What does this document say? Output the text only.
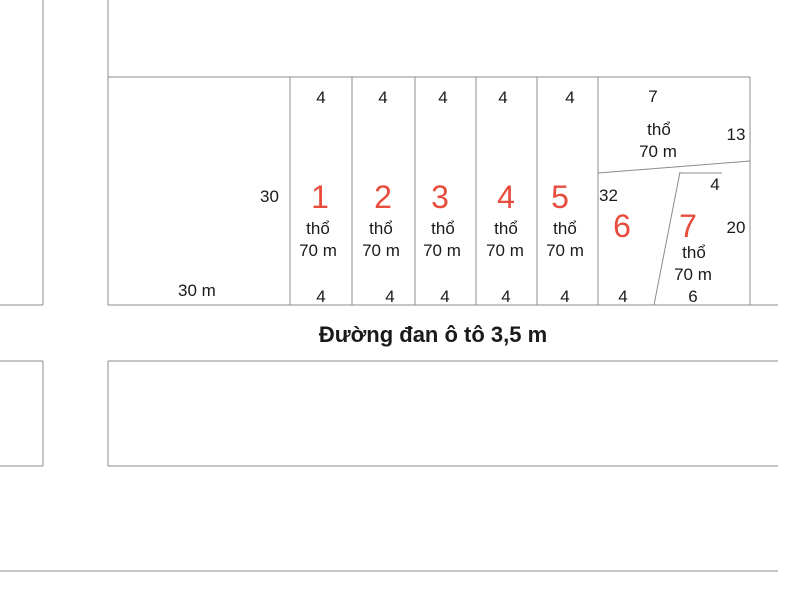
30
30 m
4
1
thổ
70 m
4
4
2
thổ
70 m
4
4
3
thổ
70 m
4
4
4
thổ
70 m
4
4
5
thổ
70 m
4
32
6
4
4
20
7
thổ
70 m
6
7
thổ
70 m
13
Đường đan ô tô 3,5 m
